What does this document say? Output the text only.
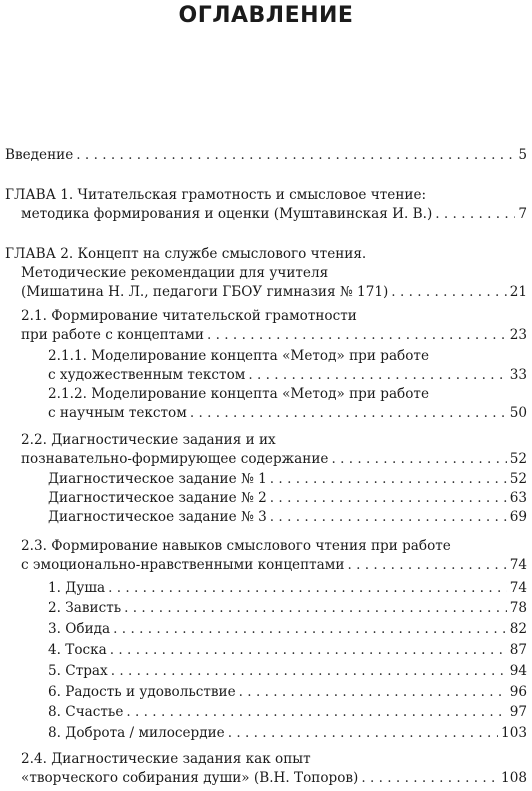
ОГЛАВЛЕНИЕ
Введение . . .	5
ГЛАВА 1. Читательская грамотность и смысловое чтение:
методика формирования и оценки (Муштавинская И. В.) . . .	7
ГЛАВА 2. Концепт на службе смыслового чтения.
Методические рекомендации для учителя
(Мишатина Н. Л., педагоги ГБОУ гимназия № 171) . . .	21
2.1. Формирование читательской грамотности
при работе с концептами . . .	23
2.1.1. Моделирование концепта «Метод» при работе
с художественным текстом . . .	33
2.1.2. Моделирование концепта «Метод» при работе
с научным текстом . . .	50
2.2. Диагностические задания и их
познавательно-формирующее содержание . . .	52
Диагностическое задание № 1 . . .	52
Диагностическое задание № 2 . . .	63
Диагностическое задание № 3 . . .	69
2.3. Формирование навыков смыслового чтения при работе
с эмоционально-нравственными концептами . . .	74
1. Душа . . .	74
2. Зависть . . .	78
3. Обида . . .	82
4. Тоска . . .	87
5. Страх . . .	94
6. Радость и удовольствие . . .	96
8. Счастье . . .	97
8. Доброта / милосердие . . .	103
2.4. Диагностические задания как опыт
«творческого собирания души» (В.Н. Топоров) . . .	108
